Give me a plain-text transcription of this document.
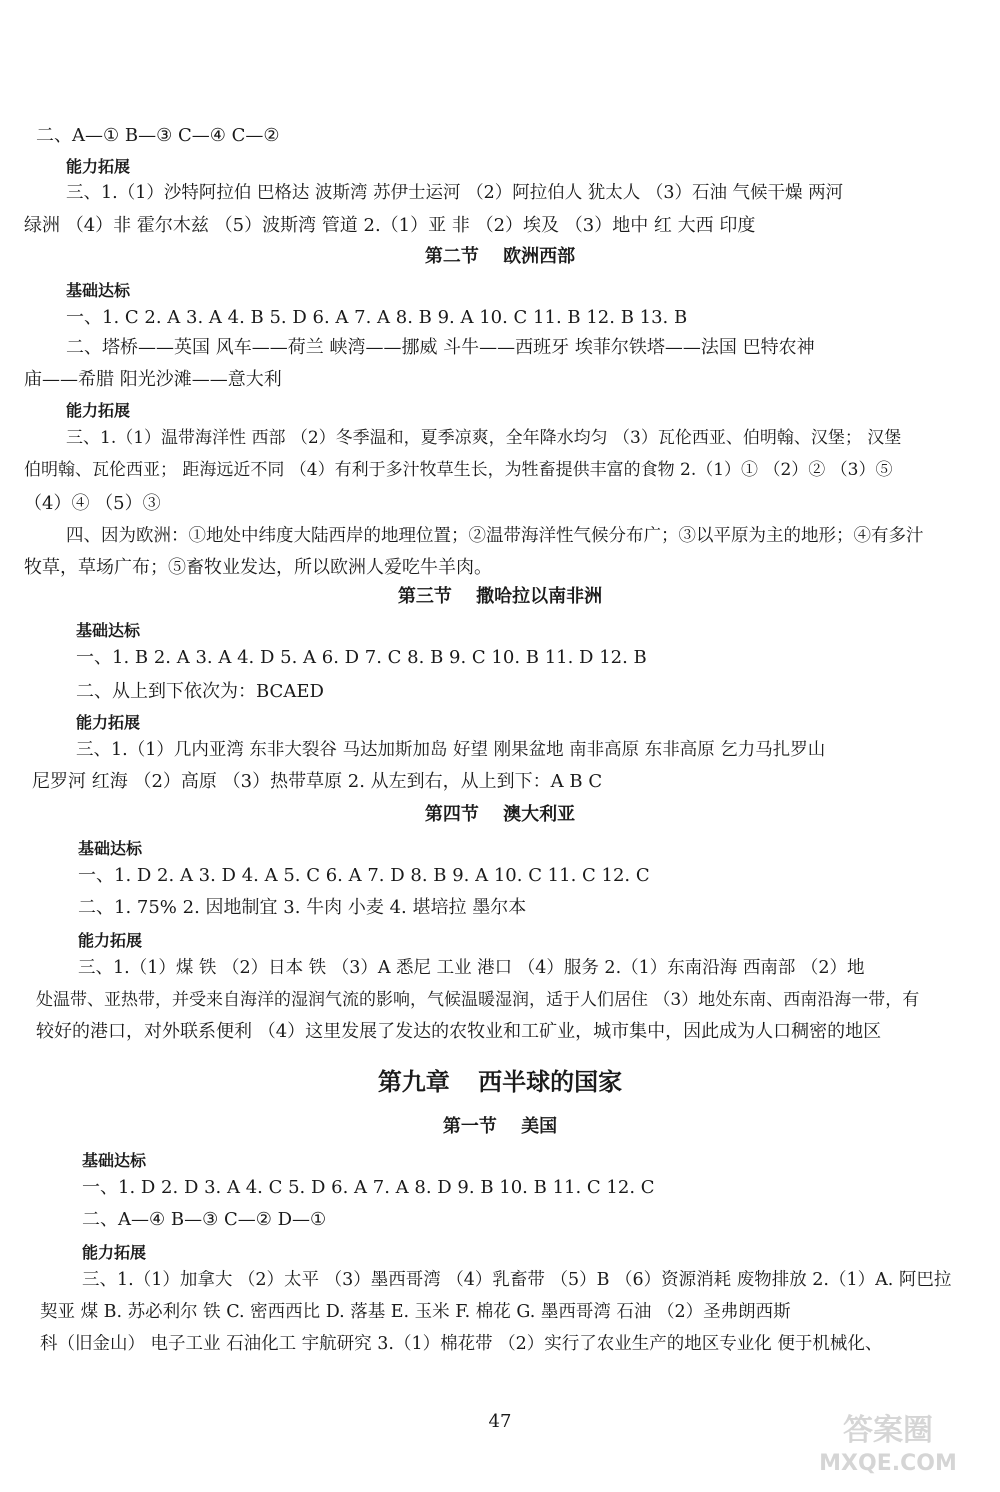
二、A—① B—③ C—④ C—②
能力拓展
三、1.（1）沙特阿拉伯 巴格达 波斯湾 苏伊士运河 （2）阿拉伯人 犹太人 （3）石油 气候干燥 两河
绿洲 （4）非 霍尔木兹 （5）波斯湾 管道 2.（1）亚 非 （2）埃及 （3）地中 红 大西 印度
第二节 欧洲西部
基础达标
一、1. C 2. A 3. A 4. B 5. D 6. A 7. A 8. B 9. A 10. C 11. B 12. B 13. B
二、塔桥——英国 风车——荷兰 峡湾——挪威 斗牛——西班牙 埃菲尔铁塔——法国 巴特农神
庙——希腊 阳光沙滩——意大利
能力拓展
三、1.（1）温带海洋性 西部 （2）冬季温和，夏季凉爽，全年降水均匀 （3）瓦伦西亚、伯明翰、汉堡； 汉堡
伯明翰、瓦伦西亚； 距海远近不同 （4）有利于多汁牧草生长，为牲畜提供丰富的食物 2.（1）① （2）② （3）⑤
（4）④ （5）③
四、因为欧洲：①地处中纬度大陆西岸的地理位置；②温带海洋性气候分布广；③以平原为主的地形；④有多汁
牧草，草场广布；⑤畜牧业发达，所以欧洲人爱吃牛羊肉。
第三节 撒哈拉以南非洲
基础达标
一、1. B 2. A 3. A 4. D 5. A 6. D 7. C 8. B 9. C 10. B 11. D 12. B
二、从上到下依次为：BCAED
能力拓展
三、1.（1）几内亚湾 东非大裂谷 马达加斯加岛 好望 刚果盆地 南非高原 东非高原 乞力马扎罗山
尼罗河 红海 （2）高原 （3）热带草原 2. 从左到右，从上到下：A B C
第四节 澳大利亚
基础达标
一、1. D 2. A 3. D 4. A 5. C 6. A 7. D 8. B 9. A 10. C 11. C 12. C
二、1. 75% 2. 因地制宜 3. 牛肉 小麦 4. 堪培拉 墨尔本
能力拓展
三、1.（1）煤 铁 （2）日本 铁 （3）A 悉尼 工业 港口 （4）服务 2.（1）东南沿海 西南部 （2）地
处温带、亚热带，并受来自海洋的湿润气流的影响，气候温暖湿润，适于人们居住 （3）地处东南、西南沿海一带，有
较好的港口，对外联系便利 （4）这里发展了发达的农牧业和工矿业，城市集中，因此成为人口稠密的地区
第九章 西半球的国家
第一节 美国
基础达标
一、1. D 2. D 3. A 4. C 5. D 6. A 7. A 8. D 9. B 10. B 11. C 12. C
二、A—④ B—③ C—② D—①
能力拓展
三、1.（1）加拿大 （2）太平 （3）墨西哥湾 （4）乳畜带 （5）B （6）资源消耗 废物排放 2.（1）A. 阿巴拉
契亚 煤 B. 苏必利尔 铁 C. 密西西比 D. 落基 E. 玉米 F. 棉花 G. 墨西哥湾 石油 （2）圣弗朗西斯
科（旧金山） 电子工业 石油化工 宇航研究 3.（1）棉花带 （2）实行了农业生产的地区专业化 便于机械化、
47	答案圈
MXQE.COM
